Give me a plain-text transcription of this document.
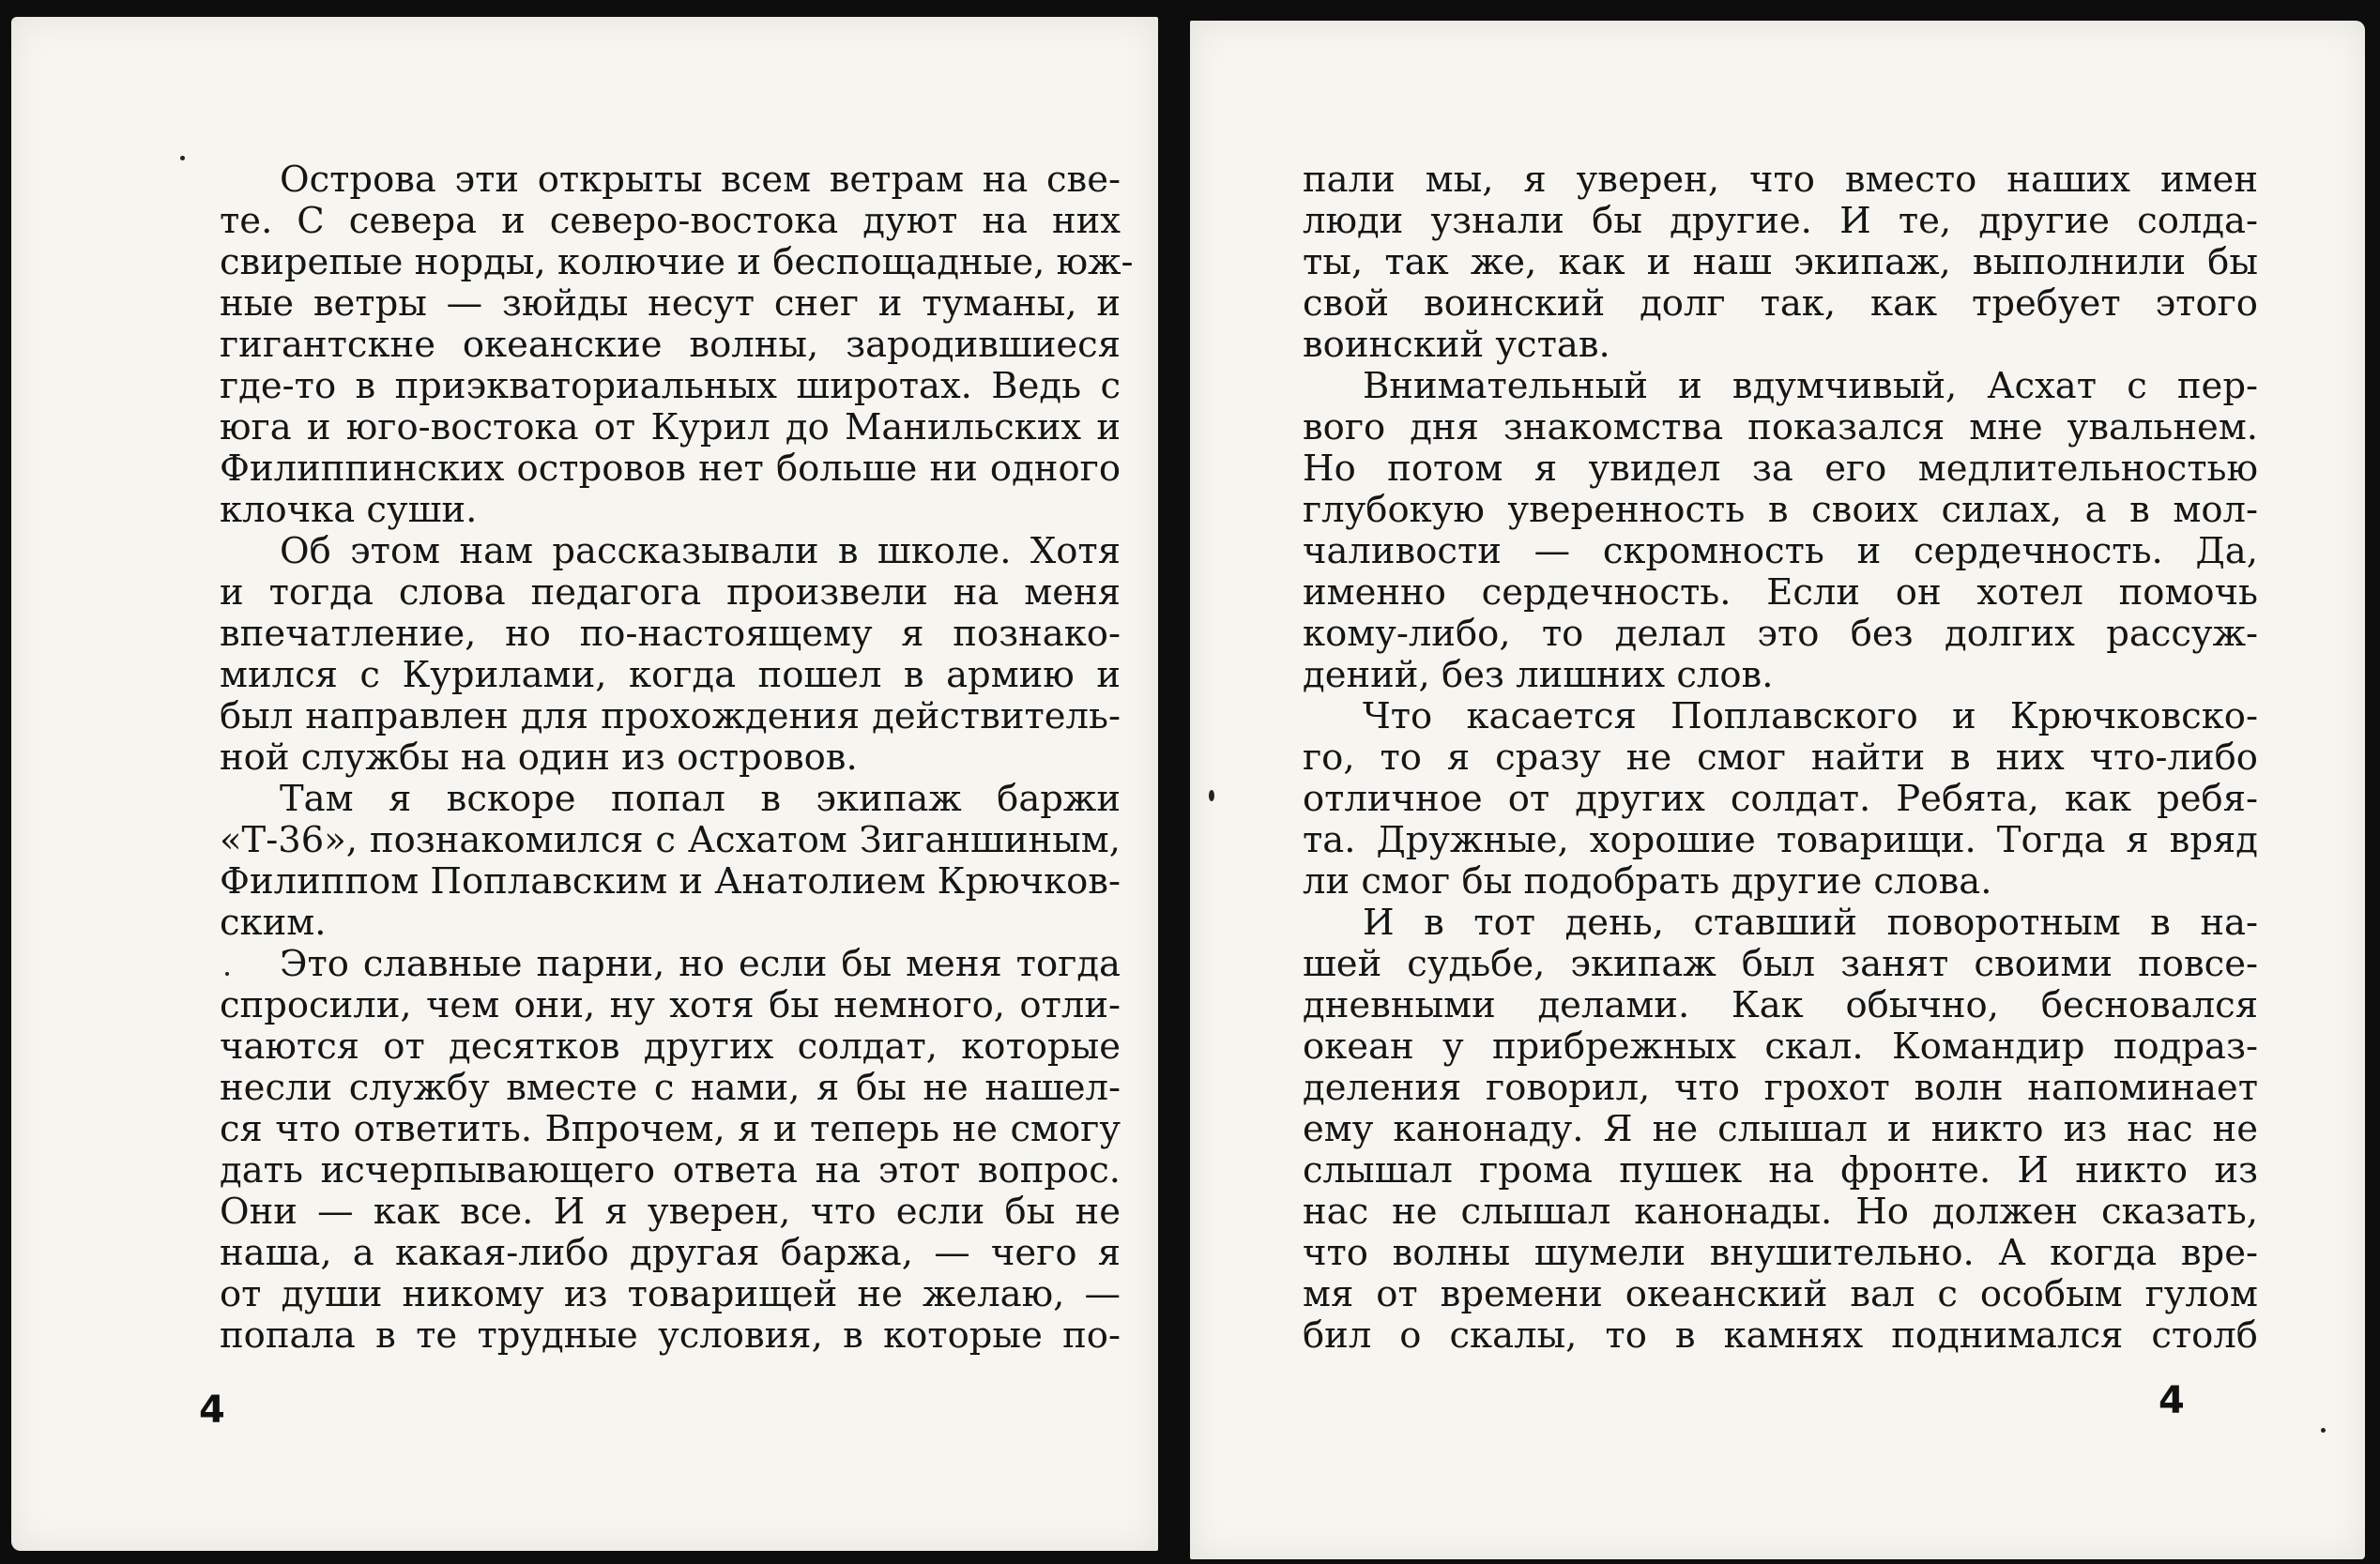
Острова эти открыты всем ветрам на све-
те. С севера и северо-востока дуют на них
свирепые норды, колючие и беспощадные, юж-
ные ветры — зюйды несут снег и туманы, и
гигантскне океанские волны, зародившиеся
где-то в приэкваториальных широтах. Ведь с
юга и юго-востока от Курил до Манильских и
Филиппинских островов нет больше ни одного
клочка суши.
Об этом нам рассказывали в школе. Хотя
и тогда слова педагога произвели на меня
впечатление, но по-настоящему я познако-
мился с Курилами, когда пошел в армию и
был направлен для прохождения действитель-
ной службы на один из островов.
Там я вскоре попал в экипаж баржи
«Т-36», познакомился с Асхатом Зиганшиным,
Филиппом Поплавским и Анатолием Крючков-
ским.
Это славные парни, но если бы меня тогда
спросили, чем они, ну хотя бы немного, отли-
чаются от десятков других солдат, которые
несли службу вместе с нами, я бы не нашел-
ся что ответить. Впрочем, я и теперь не смогу
дать исчерпывающего ответа на этот вопрос.
Они — как все. И я уверен, что если бы не
наша, а какая-либо другая баржа, — чего я
от души никому из товарищей не желаю, —
попала в те трудные условия, в которые по-
4
пали мы, я уверен, что вместо наших имен
люди узнали бы другие. И те, другие солда-
ты, так же, как и наш экипаж, выполнили бы
свой воинский долг так, как требует этого
воинский устав.
Внимательный и вдумчивый, Асхат с пер-
вого дня знакомства показался мне увальнем.
Но потом я увидел за его медлительностью
глубокую уверенность в своих силах, а в мол-
чаливости — скромность и сердечность. Да,
именно сердечность. Если он хотел помочь
кому-либо, то делал это без долгих рассуж-
дений, без лишних слов.
Что касается Поплавского и Крючковско-
го, то я сразу не смог найти в них что-либо
отличное от других солдат. Ребята, как ребя-
та. Дружные, хорошие товарищи. Тогда я вряд
ли смог бы подобрать другие слова.
И в тот день, ставший поворотным в на-
шей судьбе, экипаж был занят своими повсе-
дневными делами. Как обычно, бесновался
океан у прибрежных скал. Командир подраз-
деления говорил, что грохот волн напоминает
ему канонаду. Я не слышал и никто из нас не
слышал грома пушек на фронте. И никто из
нас не слышал канонады. Но должен сказать,
что волны шумели внушительно. А когда вре-
мя от времени океанский вал с особым гулом
бил о скалы, то в камнях поднимался столб
4
